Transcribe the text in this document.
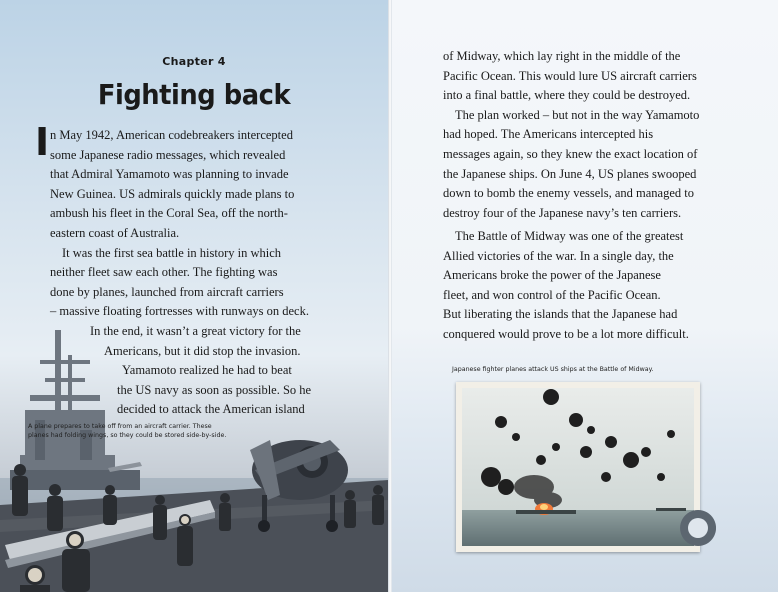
Chapter 4
Fighting back
I n May 1942, American codebreakers intercepted

some Japanese radio messages, which revealed

that Admiral Yamamoto was planning to invade

New Guinea. US admirals quickly made plans to

ambush his fleet in the Coral Sea, off the north-

eastern coast of Australia.

It was the first sea battle in history in which

neither fleet saw each other. The fighting was

done by planes, launched from aircraft carriers

– massive floating fortresses with runways on deck.

In the end, it wasn’t a great victory for the

Americans, but it did stop the invasion.

Yamamoto realized he had to beat

the US navy as soon as possible. So he

decided to attack the American island

A plane prepares to take off from an aircraft carrier. These planes had folding wings, so they could be stored side-by-side.

of Midway, which lay right in the middle of the

Pacific Ocean. This would lure US aircraft carriers

into a final battle, where they could be destroyed.

The plan worked – but not in the way Yamamoto

had hoped. The Americans intercepted his

messages again, so they knew the exact location of

the Japanese ships. On June 4, US planes swooped

down to bomb the enemy vessels, and managed to

destroy four of the Japanese navy’s ten carriers.

The Battle of Midway was one of the greatest

Allied victories of the war. In a single day, the

Americans broke the power of the Japanese

fleet, and won control of the Pacific Ocean.

But liberating the islands that the Japanese had

conquered would prove to be a lot more difficult.

Japanese fighter planes attack US ships at the Battle of Midway.
